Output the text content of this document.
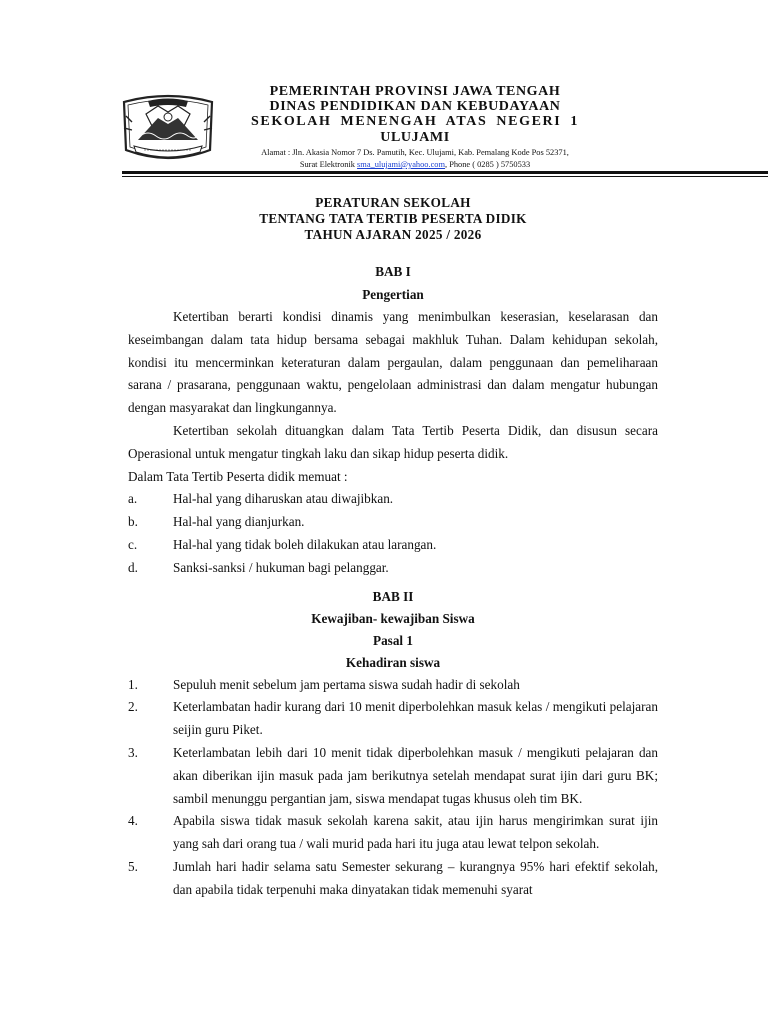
PEMERINTAH PROVINSI JAWA TENGAH

DINAS PENDIDIKAN DAN KEBUDAYAAN

SEKOLAH MENENGAH ATAS NEGERI 1

ULUJAMI

Alamat : Jln. Akasia Nomor 7 Ds. Pamutih, Kec. Ulujami, Kab. Pemalang Kode Pos 52371,

Surat Elektronik sma_ulujami@yahoo.com, Phone ( 0285 ) 5750533

PERATURAN SEKOLAH

TENTANG TATA TERTIB PESERTA DIDIK

TAHUN AJARAN 2025 / 2026

BAB I

Pengertian

Ketertiban berarti kondisi dinamis yang menimbulkan keserasian, keselarasan dan keseimbangan dalam tata hidup bersama sebagai makhluk Tuhan. Dalam kehidupan sekolah, kondisi itu mencerminkan keteraturan dalam pergaulan, dalam penggunaan dan pemeliharaan sarana / prasarana, penggunaan waktu, pengelolaan administrasi dan dalam mengatur hubungan dengan masyarakat dan lingkungannya.

Ketertiban sekolah dituangkan dalam Tata Tertib Peserta Didik, dan disusun secara Operasional untuk mengatur tingkah laku dan sikap hidup peserta didik.

Dalam Tata Tertib Peserta didik memuat :

a.	Hal-hal yang diharuskan atau diwajibkan.
b.	Hal-hal yang dianjurkan.
c.	Hal-hal yang tidak boleh dilakukan atau larangan.
d.	Sanksi-sanksi / hukuman bagi pelanggar.

BAB II

Kewajiban- kewajiban Siswa

Pasal 1

Kehadiran siswa

1.	Sepuluh menit sebelum jam pertama siswa sudah hadir di sekolah
2.	Keterlambatan hadir kurang dari 10 menit diperbolehkan masuk kelas / mengikuti pelajaran seijin guru Piket.
3.	Keterlambatan lebih dari 10 menit tidak diperbolehkan masuk / mengikuti pelajaran dan akan diberikan ijin masuk pada jam berikutnya setelah mendapat surat ijin dari guru BK; sambil menunggu pergantian jam, siswa mendapat tugas khusus oleh tim BK.
4.	Apabila siswa tidak masuk sekolah karena sakit, atau ijin harus mengirimkan surat ijin yang sah dari orang tua / wali murid pada hari itu juga atau lewat telpon sekolah.
5.	Jumlah hari hadir selama satu Semester sekurang – kurangnya 95% hari efektif sekolah, dan apabila tidak terpenuhi maka dinyatakan tidak memenuhi syarat
